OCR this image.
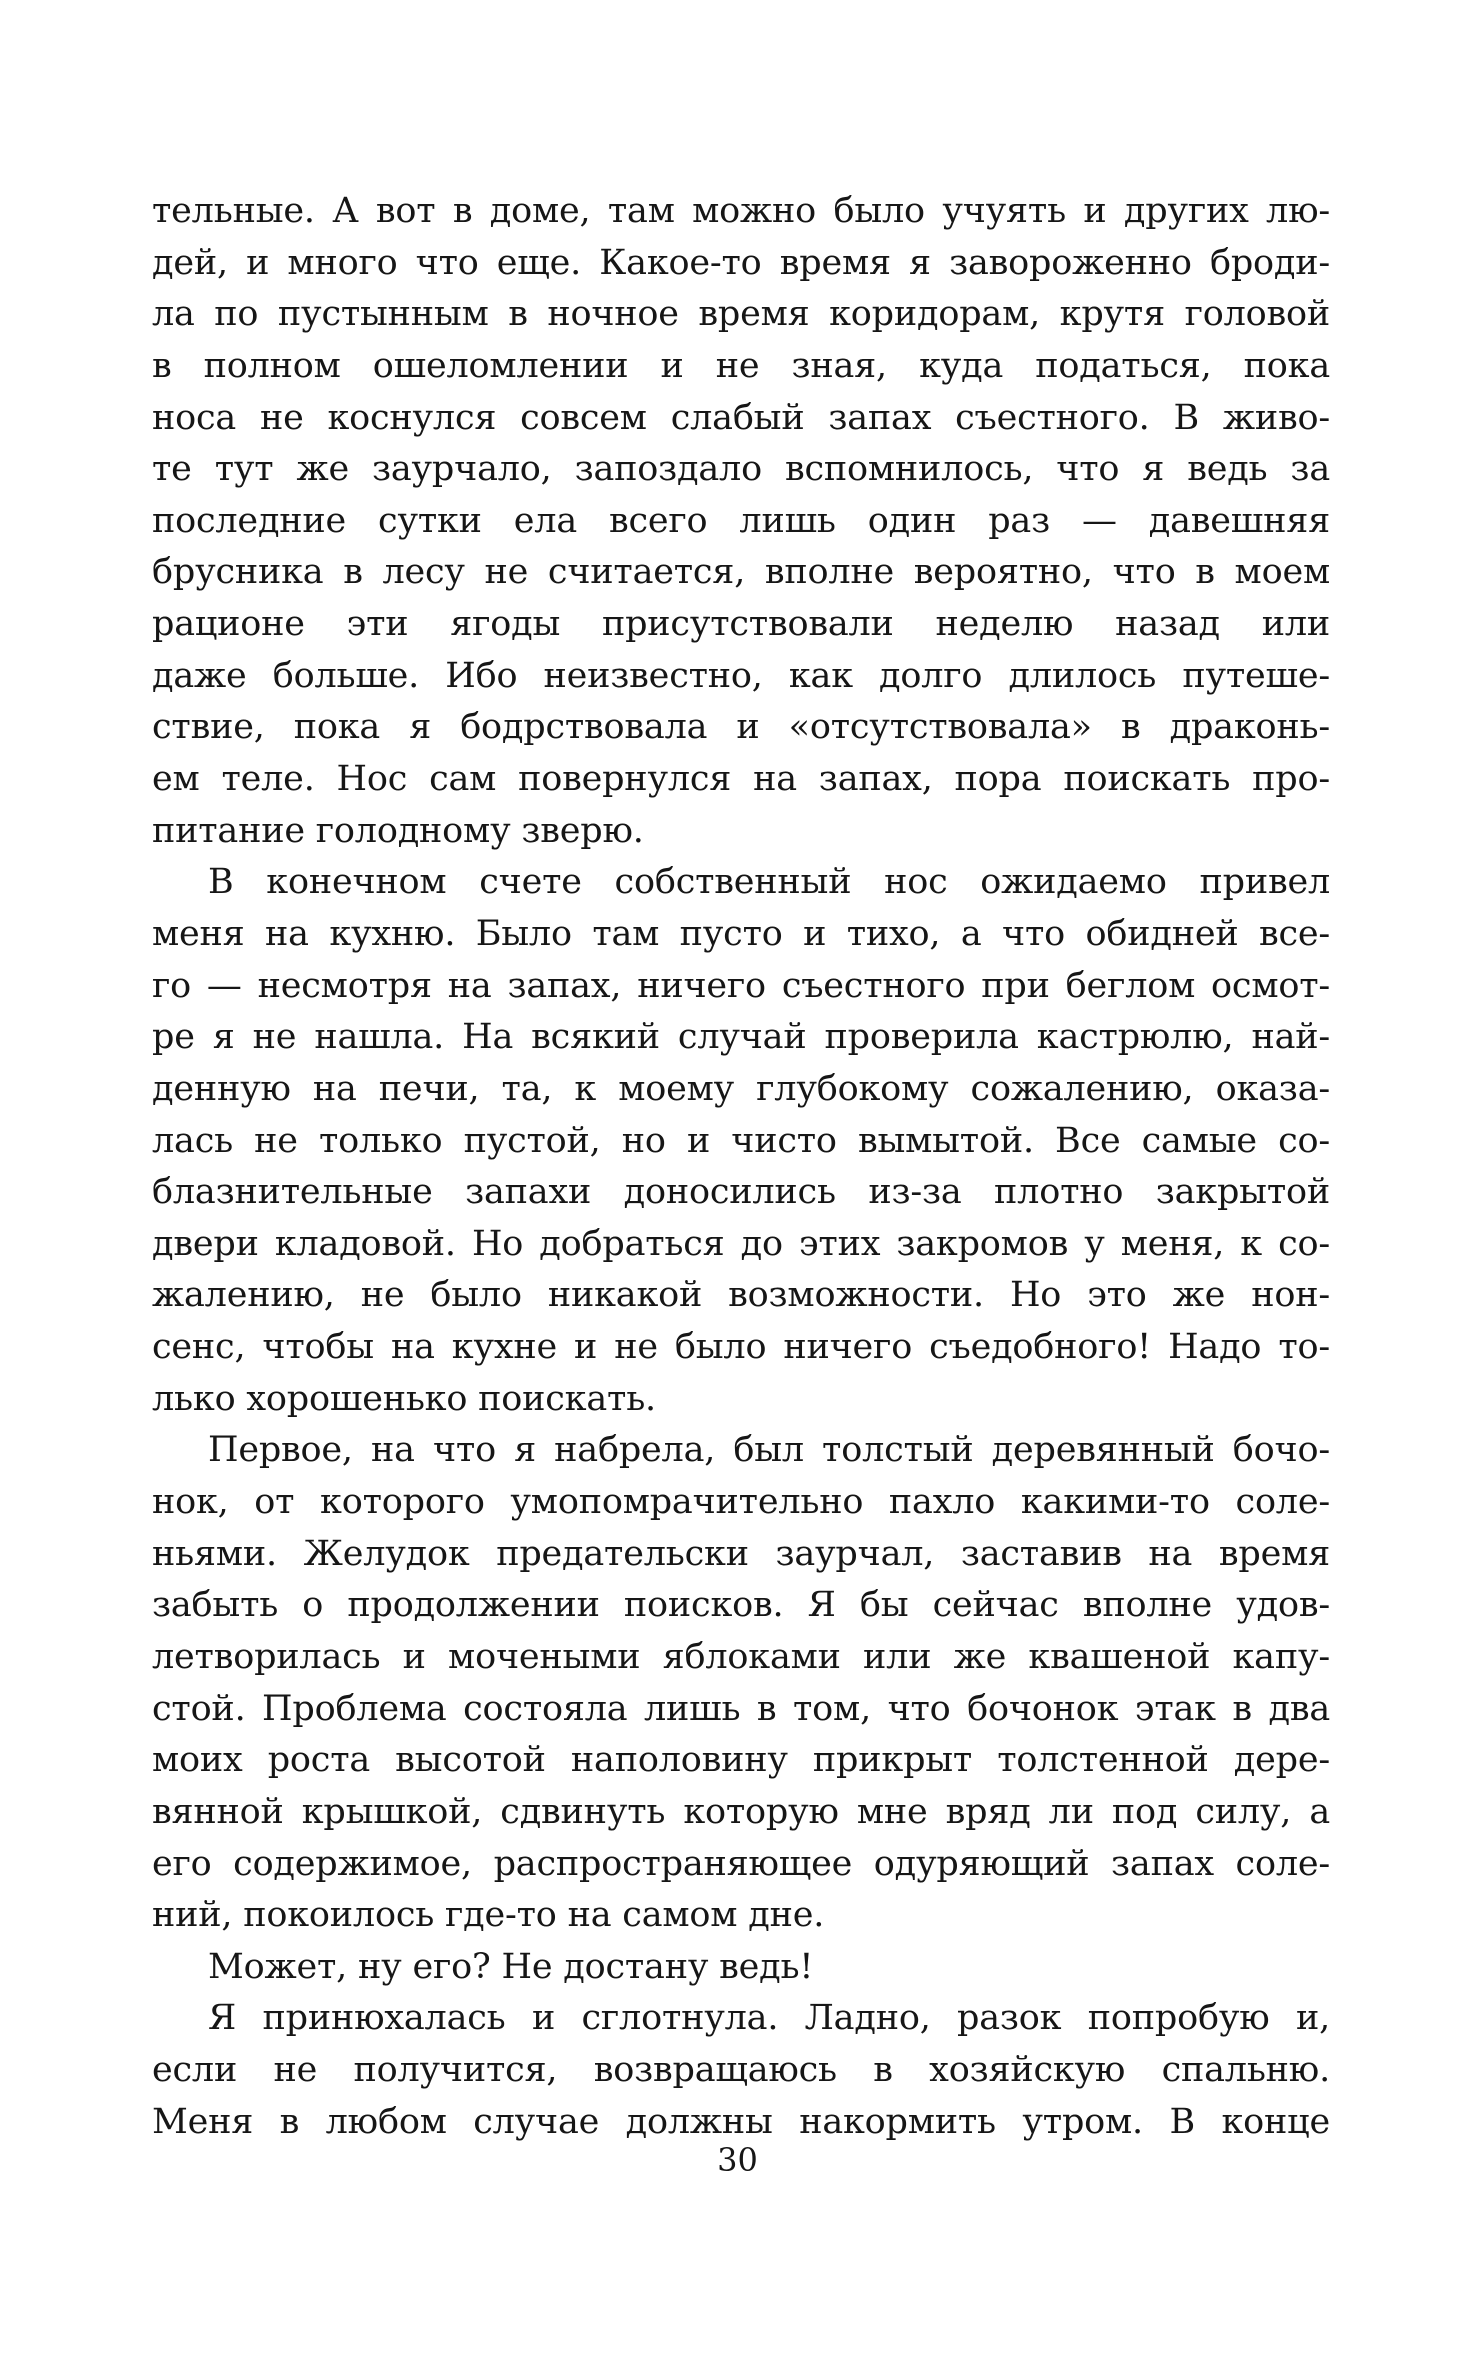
тельные. А вот в доме, там можно было учуять и других лю-
дей, и много что еще. Какое-то время я завороженно броди-
ла по пустынным в ночное время коридорам, крутя головой
в полном ошеломлении и не зная, куда податься, пока
носа не коснулся совсем слабый запах съестного. В живо-
те тут же заурчало, запоздало вспомнилось, что я ведь за
последние сутки ела всего лишь один раз — давешняя
брусника в лесу не считается, вполне вероятно, что в моем
рационе эти ягоды присутствовали неделю назад или
даже больше. Ибо неизвестно, как долго длилось путеше-
ствие, пока я бодрствовала и «отсутствовала» в драконь-
ем теле. Нос сам повернулся на запах, пора поискать про-
питание голодному зверю.
В конечном счете собственный нос ожидаемо привел
меня на кухню. Было там пусто и тихо, а что обидней все-
го — несмотря на запах, ничего съестного при беглом осмот-
ре я не нашла. На всякий случай проверила кастрюлю, най-
денную на печи, та, к моему глубокому сожалению, оказа-
лась не только пустой, но и чисто вымытой. Все самые со-
блазнительные запахи доносились из-за плотно закрытой
двери кладовой. Но добраться до этих закромов у меня, к со-
жалению, не было никакой возможности. Но это же нон-
сенс, чтобы на кухне и не было ничего съедобного! Надо то-
лько хорошенько поискать.
Первое, на что я набрела, был толстый деревянный бочо-
нок, от которого умопомрачительно пахло какими-то соле-
ньями. Желудок предательски заурчал, заставив на время
забыть о продолжении поисков. Я бы сейчас вполне удов-
летворилась и мочеными яблоками или же квашеной капу-
стой. Проблема состояла лишь в том, что бочонок этак в два
моих роста высотой наполовину прикрыт толстенной дере-
вянной крышкой, сдвинуть которую мне вряд ли под силу, а
его содержимое, распространяющее одуряющий запах соле-
ний, покоилось где-то на самом дне.
Может, ну его? Не достану ведь!
Я принюхалась и сглотнула. Ладно, разок попробую и,
если не получится, возвращаюсь в хозяйскую спальню.
Меня в любом случае должны накормить утром. В конце
30
